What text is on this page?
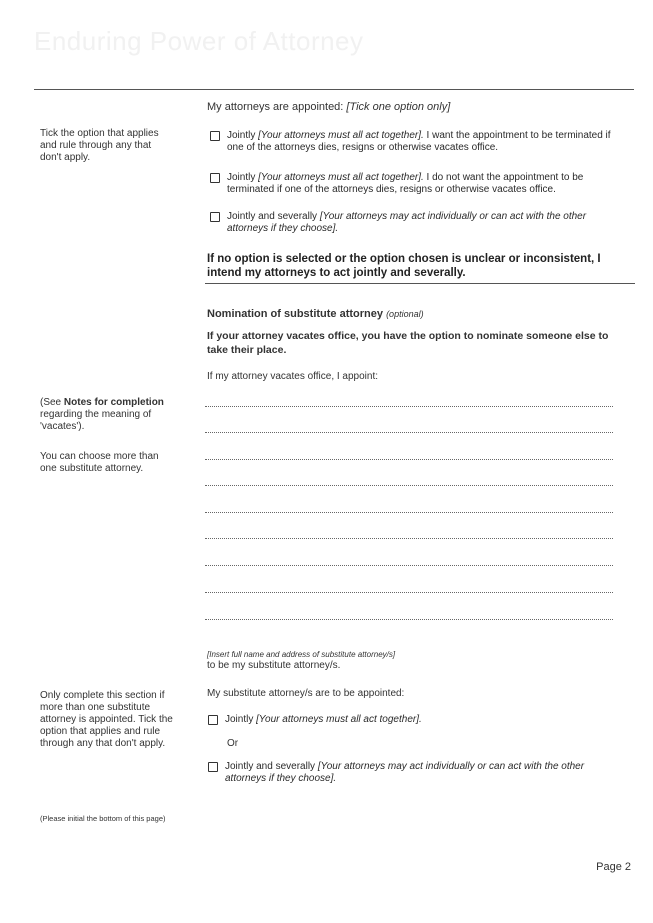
Enduring Power of Attorney
My attorneys are appointed: [Tick one option only]
Tick the option that applies and rule through any that don't apply.
Jointly [Your attorneys must all act together]. I want the appointment to be terminated if one of the attorneys dies, resigns or otherwise vacates office.
Jointly [Your attorneys must all act together]. I do not want the appointment to be terminated if one of the attorneys dies, resigns or otherwise vacates office.
Jointly and severally [Your attorneys may act individually or can act with the other attorneys if they choose].
If no option is selected or the option chosen is unclear or inconsistent, I intend my attorneys to act jointly and severally.
Nomination of substitute attorney (optional)
If your attorney vacates office, you have the option to nominate someone else to take their place.
If my attorney vacates office, I appoint:
(See Notes for completion regarding the meaning of 'vacates').
You can choose more than one substitute attorney.
[Insert full name and address of substitute attorney/s]
to be my substitute attorney/s.
Only complete this section if more than one substitute attorney is appointed. Tick the option that applies and rule through any that don't apply.
My substitute attorney/s are to be appointed:
Jointly [Your attorneys must all act together].
Or
Jointly and severally [Your attorneys may act individually or can act with the other attorneys if they choose].
(Please initial the bottom of this page)
Page 2
